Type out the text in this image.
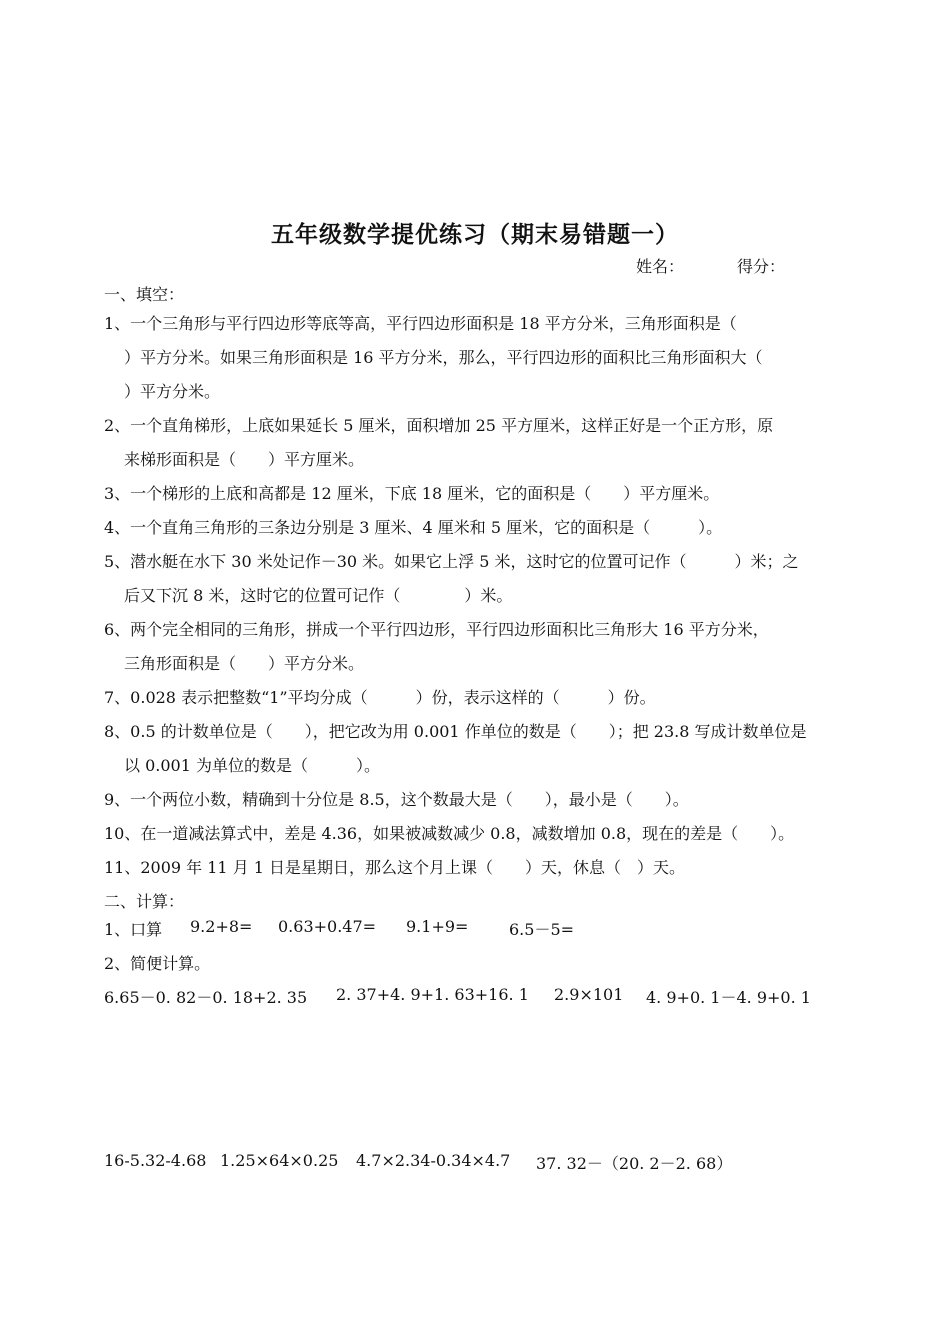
五年级数学提优练习（期末易错题一）
姓名：	得分：
一、填空：
1、一个三角形与平行四边形等底等高，平行四边形面积是 18 平方分米，三角形面积是（
）平方分米。如果三角形面积是 16 平方分米，那么，平行四边形的面积比三角形面积大（
）平方分米。
2、一个直角梯形，上底如果延长 5 厘米，面积增加 25 平方厘米，这样正好是一个正方形，原
来梯形面积是（　　）平方厘米。
3、一个梯形的上底和高都是 12 厘米，下底 18 厘米，它的面积是（　　）平方厘米。
4、一个直角三角形的三条边分别是 3 厘米、4 厘米和 5 厘米，它的面积是（　　　）。
5、潜水艇在水下 30 米处记作－30 米。如果它上浮 5 米，这时它的位置可记作（　　　）米；之
后又下沉 8 米，这时它的位置可记作（　　　　）米。
6、两个完全相同的三角形，拼成一个平行四边形，平行四边形面积比三角形大 16 平方分米，
三角形面积是（　　）平方分米。
7、0.028 表示把整数“1”平均分成（　　　）份，表示这样的（　　　）份。
8、0.5 的计数单位是（　　），把它改为用 0.001 作单位的数是（　　）；把 23.8 写成计数单位是
以 0.001 为单位的数是（　　　）。
9、一个两位小数，精确到十分位是 8.5，这个数最大是（　　），最小是（　　）。
10、在一道减法算式中，差是 4.36，如果被减数减少 0.8，减数增加 0.8，现在的差是（　　）。
11、2009 年 11 月 1 日是星期日，那么这个月上课（　　）天，休息（　）天。
二、计算：
1、口算 9.2+8= 0.63+0.47= 9.1+9=	6.5－5=
2、简便计算。
6.65－0. 82－0. 18+2. 35 2. 37+4. 9+1. 63+16. 1 2.9×101 4. 9+0. 1－4. 9+0. 1
16-5.32-4.68 1.25×64×0.25 4.7×2.34-0.34×4.7 37. 32－（20. 2－2. 68）
